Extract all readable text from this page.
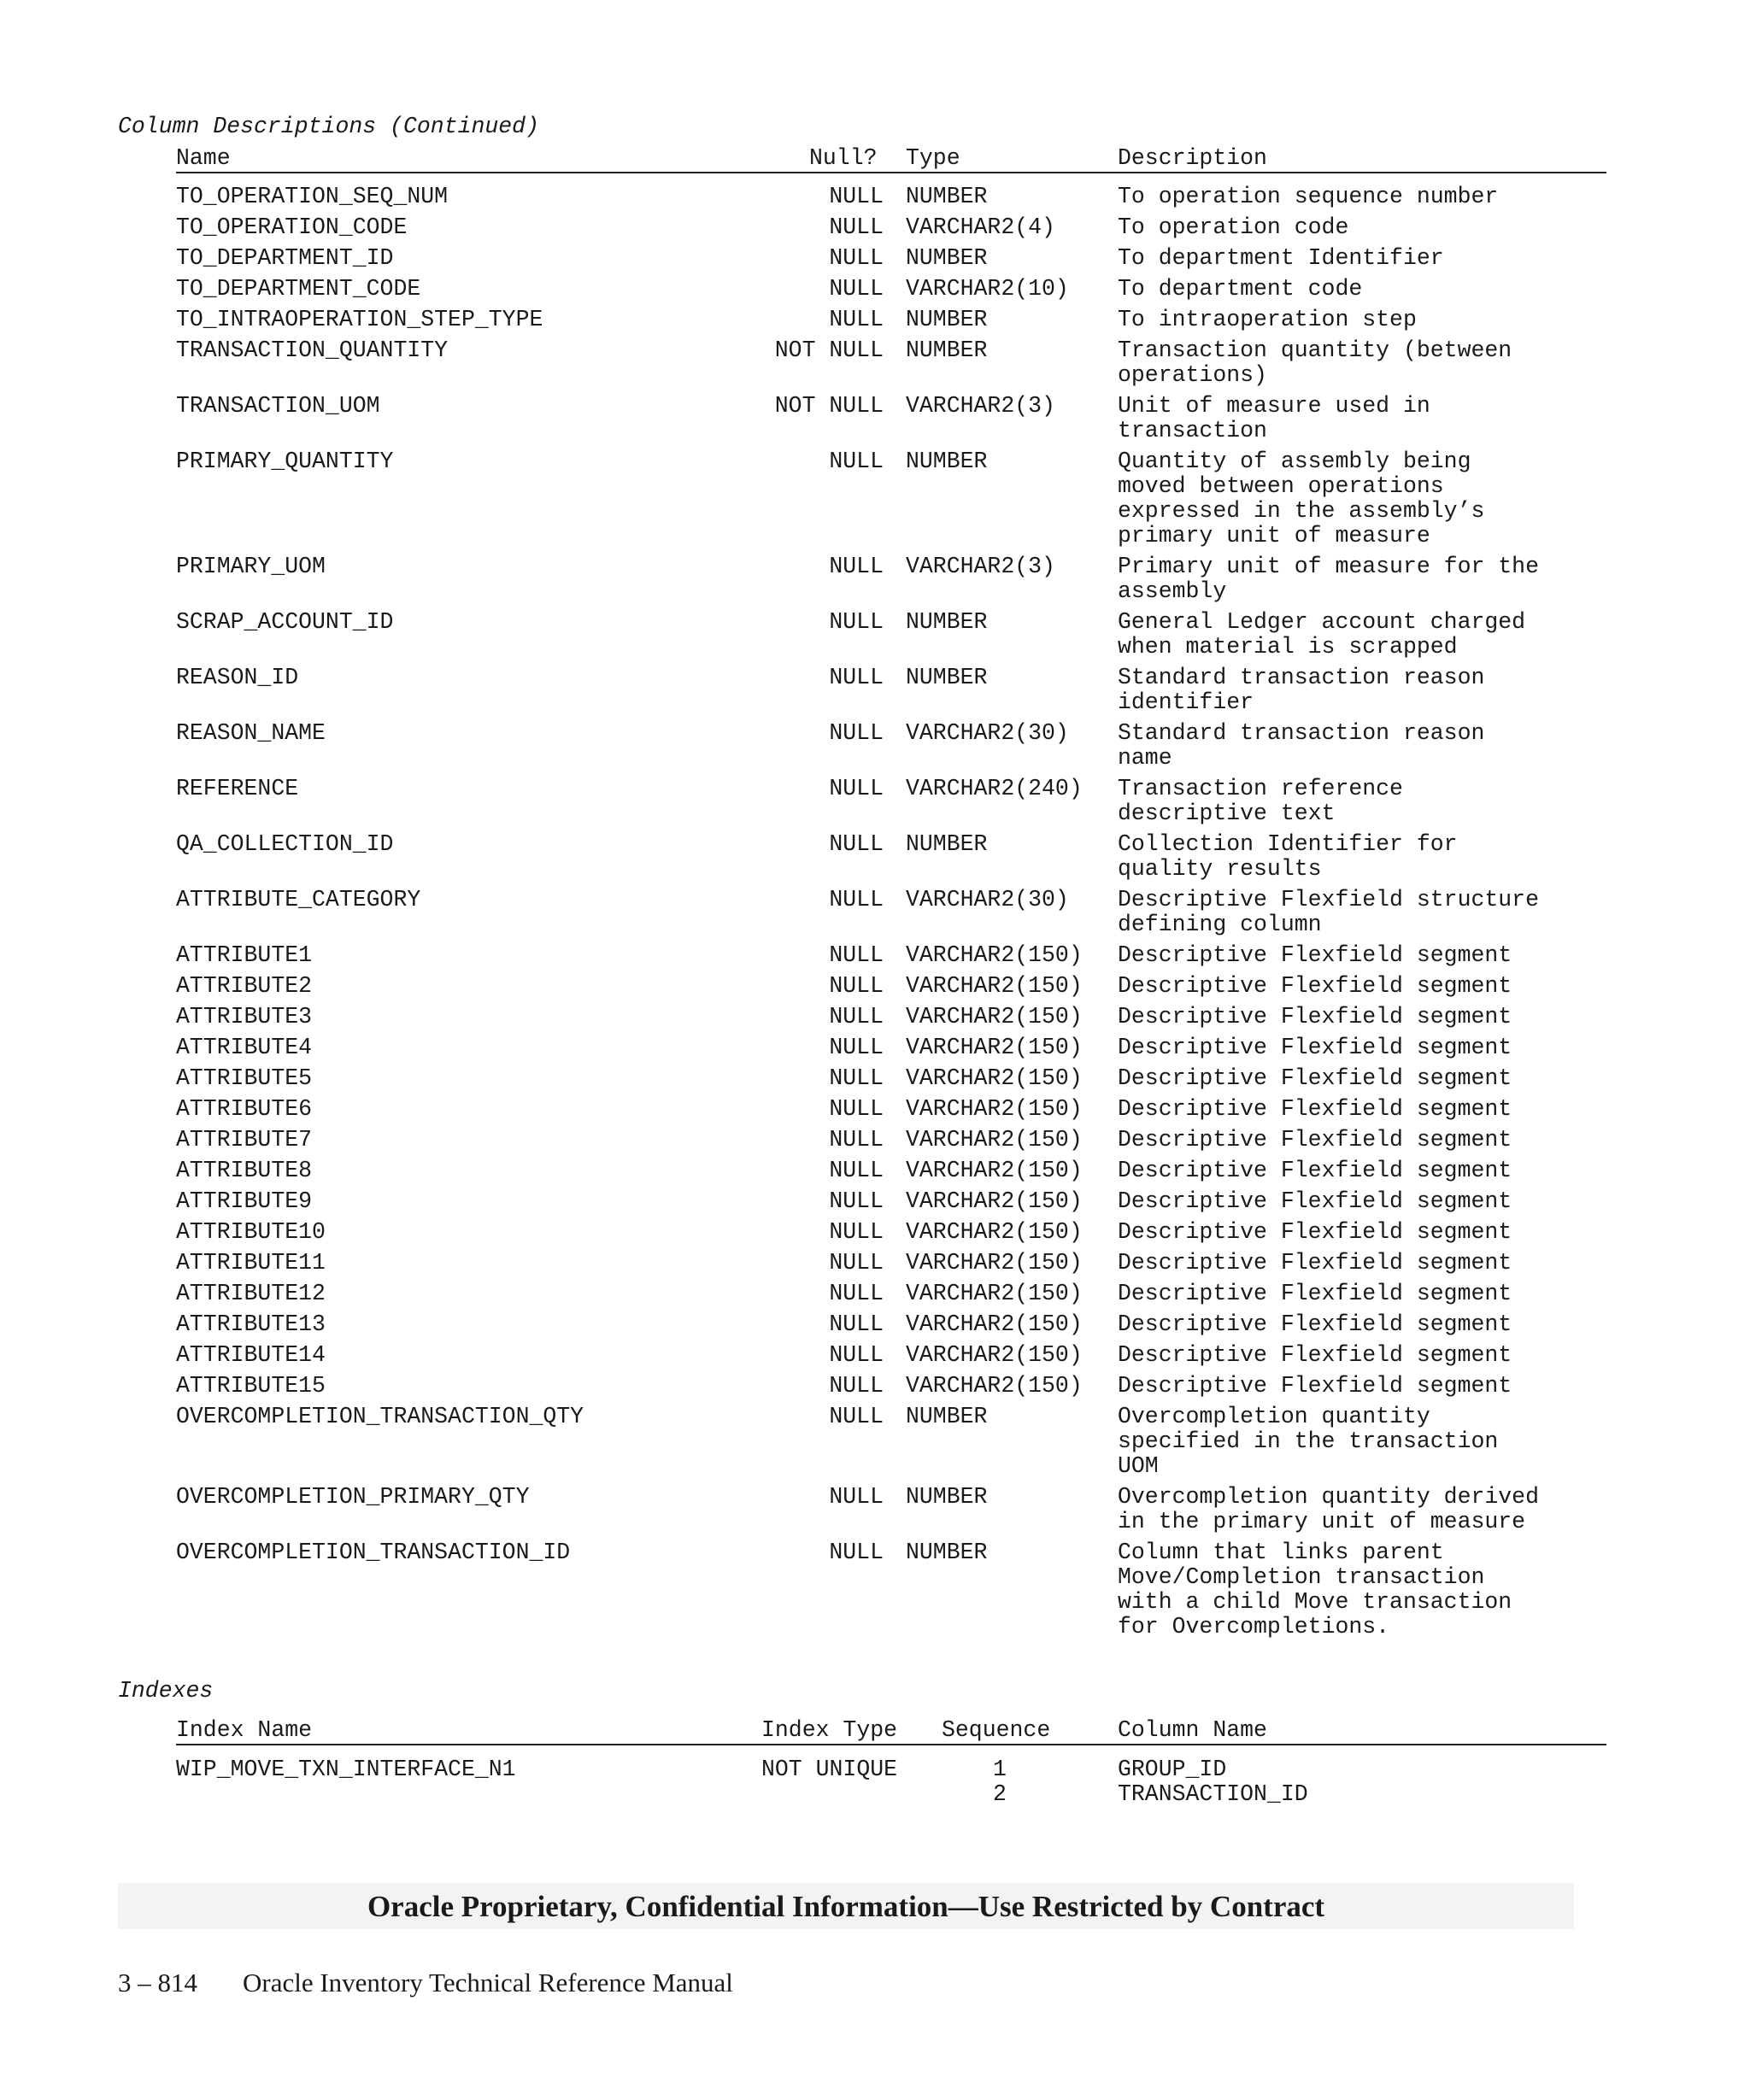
Column Descriptions (Continued)
Name	Null? Type	Description
TO_OPERATION_SEQ_NUM	NULL NUMBER	To operation sequence number
TO_OPERATION_CODE	NULL VARCHAR2(4)	To operation code
TO_DEPARTMENT_ID	NULL NUMBER	To department Identifier
TO_DEPARTMENT_CODE	NULL VARCHAR2(10) To department code
TO_INTRAOPERATION_STEP_TYPE	NULL NUMBER	To intraoperation step
TRANSACTION_QUANTITY	NOT NULL NUMBER	Transaction quantity (between
operations)
TRANSACTION_UOM	NOT NULL VARCHAR2(3)	Unit of measure used in
transaction
PRIMARY_QUANTITY	NULL NUMBER	Quantity of assembly being
moved between operations
expressed in the assembly’s
primary unit of measure
PRIMARY_UOM	NULL VARCHAR2(3)	Primary unit of measure for the
assembly
SCRAP_ACCOUNT_ID	NULL NUMBER	General Ledger account charged
when material is scrapped
REASON_ID	NULL NUMBER	Standard transaction reason
identifier
REASON_NAME	NULL VARCHAR2(30) Standard transaction reason
name
REFERENCE	NULL VARCHAR2(240) Transaction reference
descriptive text
QA_COLLECTION_ID	NULL NUMBER	Collection Identifier for
quality results
ATTRIBUTE_CATEGORY	NULL VARCHAR2(30) Descriptive Flexfield structure
defining column
ATTRIBUTE1	NULL VARCHAR2(150) Descriptive Flexfield segment
ATTRIBUTE2	NULL VARCHAR2(150) Descriptive Flexfield segment
ATTRIBUTE3	NULL VARCHAR2(150) Descriptive Flexfield segment
ATTRIBUTE4	NULL VARCHAR2(150) Descriptive Flexfield segment
ATTRIBUTE5	NULL VARCHAR2(150) Descriptive Flexfield segment
ATTRIBUTE6	NULL VARCHAR2(150) Descriptive Flexfield segment
ATTRIBUTE7	NULL VARCHAR2(150) Descriptive Flexfield segment
ATTRIBUTE8	NULL VARCHAR2(150) Descriptive Flexfield segment
ATTRIBUTE9	NULL VARCHAR2(150) Descriptive Flexfield segment
ATTRIBUTE10	NULL VARCHAR2(150) Descriptive Flexfield segment
ATTRIBUTE11	NULL VARCHAR2(150) Descriptive Flexfield segment
ATTRIBUTE12	NULL VARCHAR2(150) Descriptive Flexfield segment
ATTRIBUTE13	NULL VARCHAR2(150) Descriptive Flexfield segment
ATTRIBUTE14	NULL VARCHAR2(150) Descriptive Flexfield segment
ATTRIBUTE15	NULL VARCHAR2(150) Descriptive Flexfield segment
OVERCOMPLETION_TRANSACTION_QTY	NULL NUMBER	Overcompletion quantity
specified in the transaction
UOM
OVERCOMPLETION_PRIMARY_QTY	NULL NUMBER	Overcompletion quantity derived
in the primary unit of measure
OVERCOMPLETION_TRANSACTION_ID	NULL NUMBER	Column that links parent
Move/Completion transaction
with a child Move transaction
for Overcompletions.
Indexes
Index Name	Index Type Sequence	Column Name
WIP_MOVE_TXN_INTERFACE_N1	NOT UNIQUE	1	GROUP_ID
2	TRANSACTION_ID
Oracle Proprietary, Confidential Information––Use Restricted by Contract
3 – 814 Oracle Inventory Technical Reference Manual
